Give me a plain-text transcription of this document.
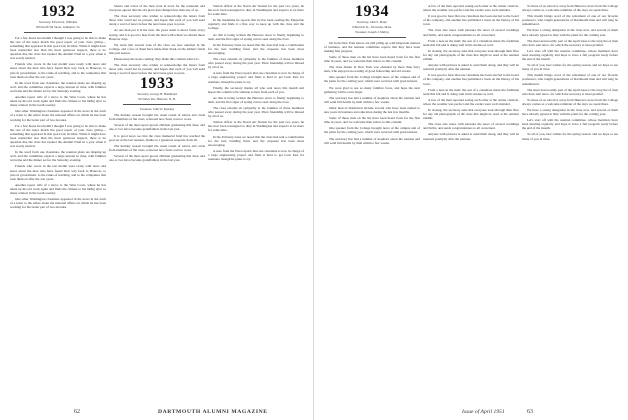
1932
Secretary, Edward A. Williams
509 North 5th Street, Arlington, Va.

For a few hours last month I thought I was going to be able to make the rest of the letter match the good report of your class giving—something that appeared in this space last October. While it might have been somewhat less than the most generous support, there is no question that the class has backed the Alumni Fund in a year when it was sorely needed.

Friends who wrote in the last month were ready with news and notes about the men who have found their way back to Hanover, to jobs in government, to the ranks of teaching, and to the companies that took them on after the war years.

In the word from one classmate, the reunion plans are shaping up well, and the committee expects a large turnout in June, with families welcome and the dinner set for the Saturday evening.

Another report tells of a move to the West Coast, where he has taken up his old work again and finds the climate to his liking after so many winters in the north country.

One other Washington classmate appeared in the news in the form of a letter to the editor about the national affairs on which he has been working for the better part of two decades.

For a few hours last month I thought I was going to be able to make the rest of the letter match the good report of your class giving—something that appeared in this space last October. While it might have been somewhat less than the most generous support, there is no question that the class has backed the Alumni Fund in a year when it was sorely needed.

In the word from one classmate, the reunion plans are shaping up well, and the committee expects a large turnout in June, with families welcome and the dinner set for the Saturday evening.

Friends who wrote in the last month were ready with news and notes about the men who have found their way back to Hanover, to jobs in government, to the ranks of teaching, and to the companies that took them on after the war years.

Another report tells of a move to the West Coast, where he has taken up his old work again and finds the climate to his liking after so many winters in the north country.

One other Washington classmate appeared in the news in the form of a letter to the editor about the national affairs on which he has been working for the better part of two decades.

Sisters and wives of the men were in town for the weekend, and everyone agreed that the old place had changed less than any of us.

The class secretary also wishes to acknowledge the letters from those who could not be present, and hopes that each of you will send along a word of news before the next issue goes to press.

As one man put it in his note, the years seem to move faster every spring, and it is good to hear from the men with whom we shared those Hanover days.

We learn that several sons of the class are now enrolled in the College, and a few of them have made their mark on the athletic fields this past season.

Please keep the notes coming; they make this column what it is.

The class secretary also wishes to acknowledge the letters from those who could not be present, and hopes that each of you will send along a word of news before the next issue goes to press.

1933
Secretary, George H. Hammond
60 Valley Rd., Hanover, N. H.
Treasurer, John W. Kearney

The holiday season brought the usual round of letters and cards from members of the class, scattered now from coast to coast.

Several of the men report grown children graduating this June, and one or two have become grandfathers in the last year.

It is good news too that the class memorial fund has reached the goal set at the last reunion, thanks to a generous response from all.

The holiday season brought the usual round of letters and cards from members of the class, scattered now from coast to coast.

Several of the men report grown children graduating this June, and one or two have become grandfathers in the last year.

Station officer at the Naval Air Station for the past two years, he has now been reassigned to duty in Washington and expects to be there for some time.

In the meantime he reports that he has been reading the Magazine regularly and finds it a fine way to keep up with the class and the College.

As this is being written the Hanover snow is finally beginning to melt, and the first signs of spring can be seen along the river.

In the February issue we noted that the class had sent a contribution for the new building fund, and the response has been most encouraging.

The class extends its sympathy to the families of those members who passed away during the past year. Their friendship will be missed by all of us.

A note from the West reports that one classmate is now in charge of a large engineering project and finds it hard to get back East for reunions, though he plans to try.

Finally, the secretary thanks all who sent news this month and hopes the column will continue to hear from each of you.

As this is being written the Hanover snow is finally beginning to melt, and the first signs of spring can be seen along the river.

The class extends its sympathy to the families of those members who passed away during the past year. Their friendship will be missed by all of us.

Station officer at the Naval Air Station for the past two years, he has now been reassigned to duty in Washington and expects to be there for some time.

In the February issue we noted that the class had sent a contribution for the new building fund, and the response has been most encouraging.

A note from the West reports that one classmate is now in charge of a large engineering project and finds it hard to get back East for reunions, though he plans to try.

62	DARTMOUTH ALUMNI MAGAZINE
1934
Secretary, John S. Major
6 Berwick St., Worcester, Mass.
Treasurer, Joseph J. Malloy

On from New York letters are still piling up with important matters of business, and the reunion committee reports that they have been making fine progress.

Some of those men on the list have been heard from for the first time in years, and we welcome their letters to this column.

The class dinner in New York was attended by more than forty men, who enjoyed an evening of good fellowship and old stories.

One speaker from the College brought news of the campus and of the plans for the coming year, which were received with great interest.

We were glad to see so many familiar faces, and hope the next gathering will be even larger.

The secretary has had a number of inquiries about the reunion and will send full details by mail within a few weeks.

Other men of distinction include several who have been named to new posts in business and education during the last few months.

Some of those men on the list have been heard from for the first time in years, and we welcome their letters to this column.

One speaker from the College brought news of the campus and of the plans for the coming year, which were received with great interest.

The secretary has had a number of inquiries about the reunion and will send full details by mail within a few weeks.

A few of the men reported seeing each other at the winter carnival, where the weather was perfect and the events were well attended.

It was good to hear that one classmate has been elected to the board of his company, and another has published a book on the history of his town.

The class also notes with pleasure the news of several weddings and births, and sends congratulations to all concerned.

From a note in the mail: the son of a classmate made the freshman team this fall and is doing well in his studies as well.

In closing, the secretary asks that everyone look through their files for any old photographs of the class that might be used at the reunion exhibit.

Anyone with pictures is asked to send them along, and they will be returned promptly after the reunion.

It was good to hear that one classmate has been elected to the board of his company, and another has published a book on the history of his town.

From a note in the mail: the son of a classmate made the freshman team this fall and is doing well in his studies as well.

A few of the men reported seeing each other at the winter carnival, where the weather was perfect and the events were well attended.

In closing, the secretary asks that everyone look through their files for any old photographs of the class that might be used at the reunion exhibit.

The class also notes with pleasure the news of several weddings and births, and sends congratulations to all concerned.

Anyone with pictures is asked to send them along, and they will be returned promptly after the reunion.

To those of us who live away from Hanover, news from the College always comes as a welcome reminder of the days we spent there.

This month brings word of the retirement of one of our favorite professors, who taught generations of Dartmouth men and will long be remembered.

We have a strong delegation in the class now, and several of them have already agreed to help with the plans for the coming year.

The most newsworthy part of the April issue is the long list of men who have sent news, for which the secretary is most grateful.

Let's start off with the reunion committee, whose members have been meeting regularly and hope to have a full program ready before the end of the month.

To all of you, best wishes for the spring season, and we hope to see many of you in June.

This month brings word of the retirement of one of our favorite professors, who taught generations of Dartmouth men and will long be remembered.

The most newsworthy part of the April issue is the long list of men who have sent news, for which the secretary is most grateful.

To those of us who live away from Hanover, news from the College always comes as a welcome reminder of the days we spent there.

We have a strong delegation in the class now, and several of them have already agreed to help with the plans for the coming year.

Let's start off with the reunion committee, whose members have been meeting regularly and hope to have a full program ready before the end of the month.

To all of you, best wishes for the spring season, and we hope to see many of you in June.

Issue of April 1951	63
